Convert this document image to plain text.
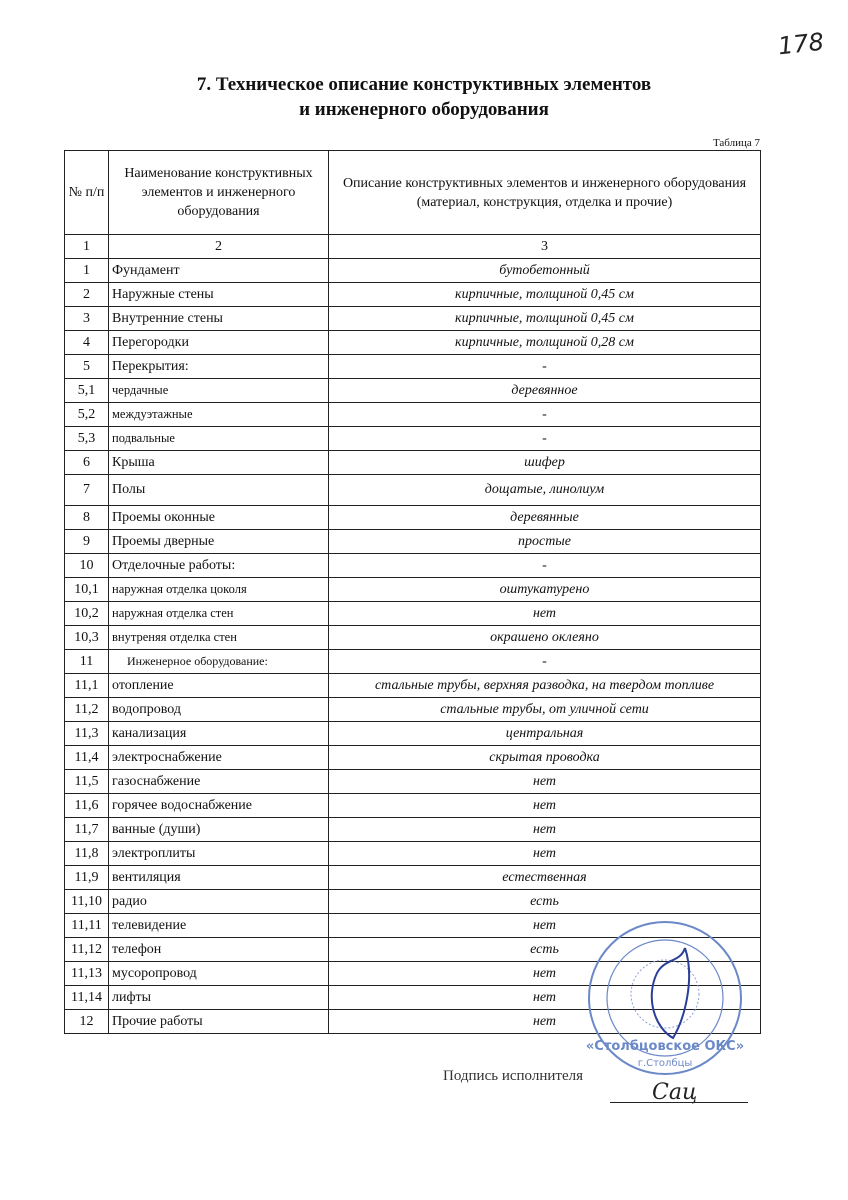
178
7. Техническое описание конструктивных элементов
и инженерного оборудования
Таблица 7
№ п/п	Наименование конструктивных элементов и инженерного оборудования	Описание конструктивных элементов и инженерного оборудования
(материал, конструкция, отделка и прочие)

1	2	3
1	Фундамент	бутобетонный
2	Наружные стены	кирпичные, толщиной 0,45 см
3	Внутренние стены	кирпичные, толщиной 0,45 см
4	Перегородки	кирпичные, толщиной 0,28 см
5	Перекрытия:	-
5,1	чердачные	деревянное
5,2	междуэтажные	-
5,3	подвальные	-
6	Крыша	шифер
7	Полы	дощатые, линолиум
8	Проемы оконные	деревянные
9	Проемы дверные	простые
10	Отделочные работы:	-
10,1	наружная отделка цоколя	оштукатурено
10,2	наружная отделка стен	нет
10,3	внутреняя отделка стен	окрашено оклеяно
11	Инженерное оборудование:	-
11,1	отопление	стальные трубы, верхняя разводка, на твердом топливе
11,2	водопровод	стальные трубы, от уличной сети
11,3	канализация	центральная
11,4	электроснабжение	скрытая проводка
11,5	газоснабжение	нет
11,6	горячее водоснабжение	нет
11,7	ванные (души)	нет
11,8	электроплиты	нет
11,9	вентиляция	естественная
11,10	радио	есть
11,11	телевидение	нет
11,12	телефон	есть
11,13	мусоропровод	нет
11,14	лифты	нет
12	Прочие работы	нет
«Столбцовское ОКС»
г.Столбцы
Подпись исполнителя
Сац
